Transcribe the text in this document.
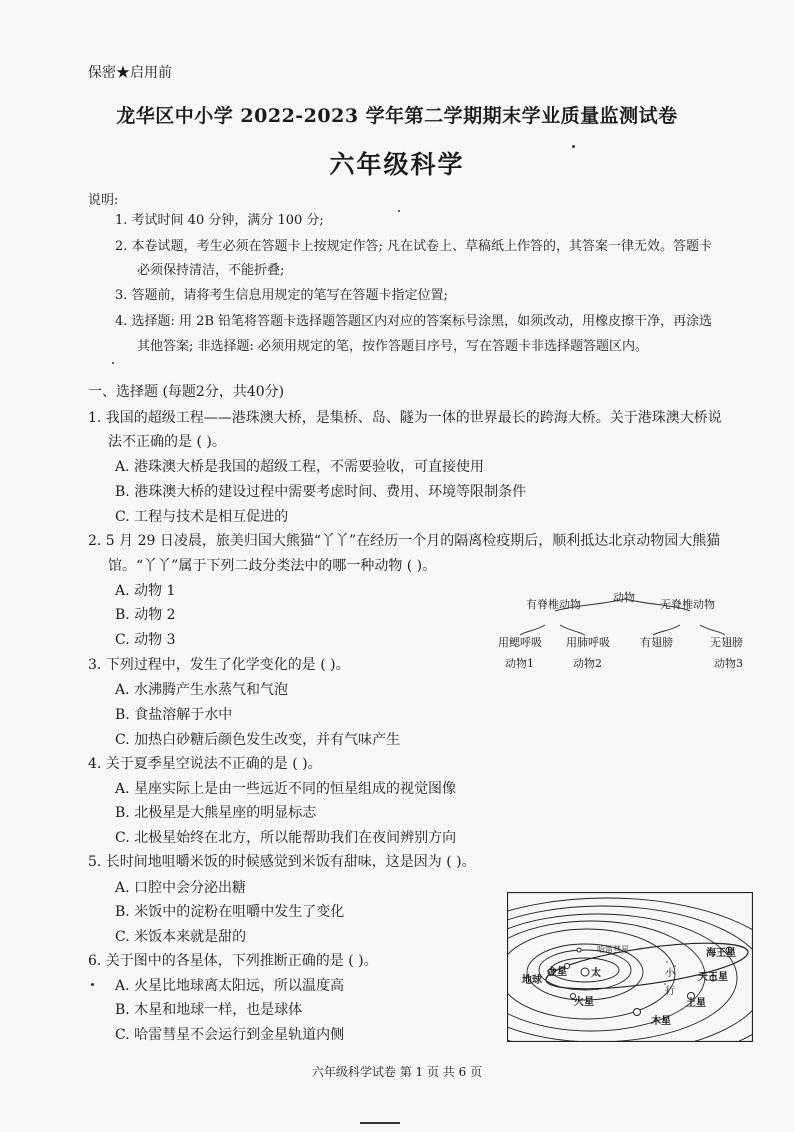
保密★启用前
龙华区中小学 2022-2023 学年第二学期期末学业质量监测试卷
六年级科学
说明:
1. 考试时间 40 分钟，满分 100 分;
2. 本卷试题，考生必须在答题卡上按规定作答; 凡在试卷上、草稿纸上作答的，其答案一律无效。答题卡
必须保持清洁，不能折叠;
3. 答题前，请将考生信息用规定的笔写在答题卡指定位置;
4. 选择题: 用 2B 铅笔将答题卡选择题答题区内对应的答案标号涂黑，如须改动，用橡皮擦干净，再涂选
其他答案; 非选择题: 必须用规定的笔，按作答题目序号，写在答题卡非选择题答题区内。
一、选择题 (每题2分，共40分)
1. 我国的超级工程——港珠澳大桥，是集桥、岛、隧为一体的世界最长的跨海大桥。关于港珠澳大桥说
法不正确的是 ( )。
A. 港珠澳大桥是我国的超级工程，不需要验收，可直接使用
B. 港珠澳大桥的建设过程中需要考虑时间、费用、环境等限制条件
C. 工程与技术是相互促进的
2. 5 月 29 日凌晨，旅美归国大熊猫“丫丫”在经历一个月的隔离检疫期后，顺利抵达北京动物园大熊猫
馆。“丫丫”属于下列二歧分类法中的哪一种动物 ( )。
A. 动物 1
B. 动物 2
C. 动物 3
动物
有脊椎动物	无脊椎动物
用鳃呼吸 用肺呼吸	有翅膀	无翅膀
动物1	动物2	动物3
3. 下列过程中，发生了化学变化的是 ( )。
A. 水沸腾产生水蒸气和气泡
B. 食盐溶解于水中
C. 加热白砂糖后颜色发生改变，并有气味产生
4. 关于夏季星空说法不正确的是 ( )。
A. 星座实际上是由一些远近不同的恒星组成的视觉图像
B. 北极星是大熊星座的明显标志
C. 北极星始终在北方，所以能帮助我们在夜间辨别方向
5. 长时间地咀嚼米饭的时候感觉到米饭有甜味，这是因为 ( )。
A. 口腔中会分泌出糖
B. 米饭中的淀粉在咀嚼中发生了变化
C. 米饭本来就是甜的
6. 关于图中的各星体，下列推断正确的是 ( )。
A. 火星比地球离太阳远，所以温度高
B. 木星和地球一样，也是球体
C. 哈雷彗星不会运行到金星轨道内侧
哈雷彗星
太
金星
地球
火星
小
行
木星
土星
天王星
海王星
六年级科学试卷 第 1 页 共 6 页
